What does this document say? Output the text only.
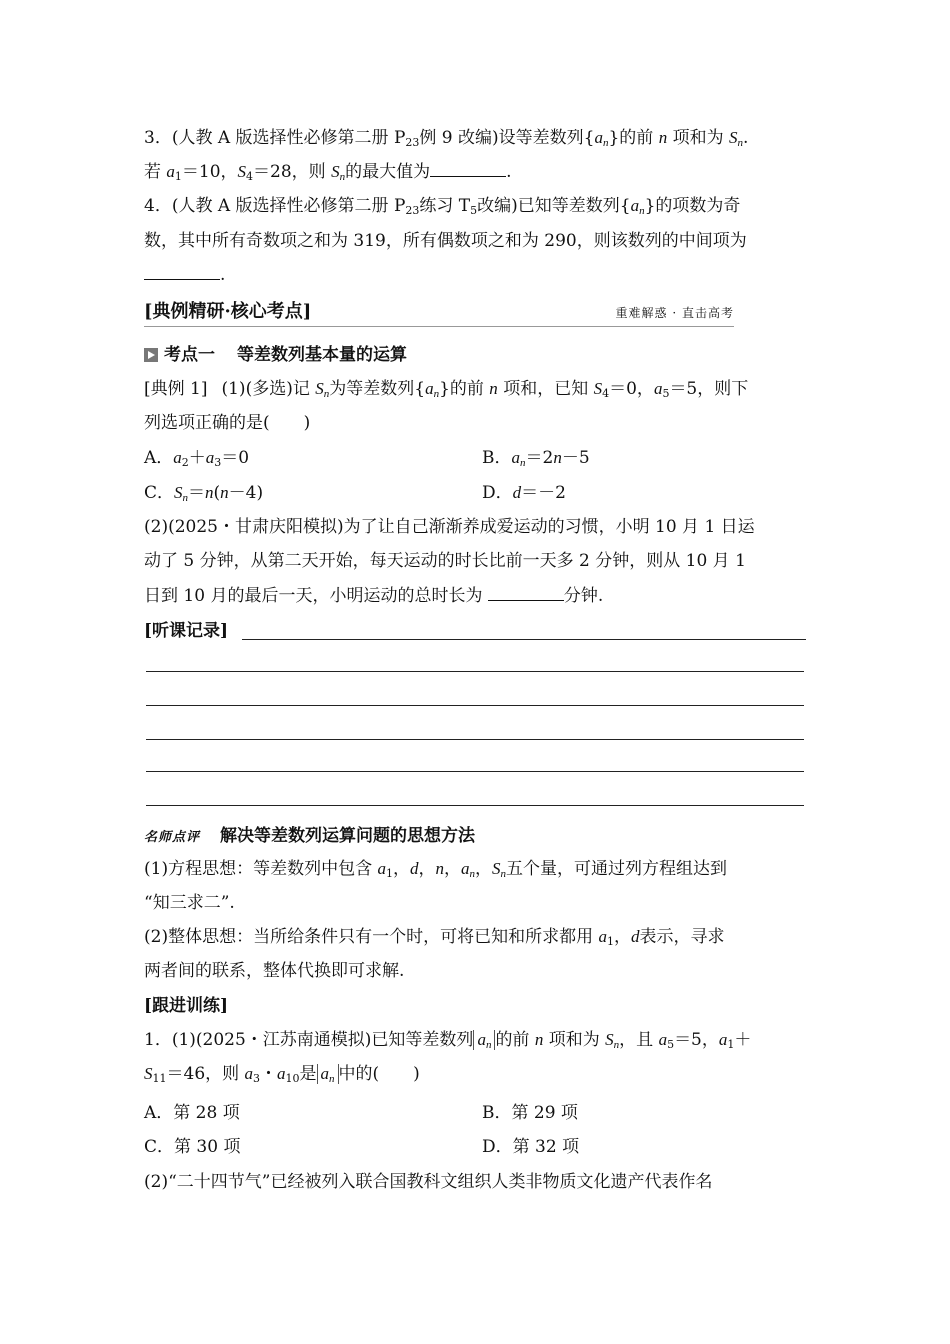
3．(人教 A 版选择性必修第二册 $P_{23}$例 9 改编)设等差数列$\{a_n\}$的前 n 项和为 $S_n$.
若 $a_1=10$，$S_4=28$，则 $S_n$的最大值为	.
4．(人教 A 版选择性必修第二册 $P_{23}$练习 $T_5$改编)已知等差数列$\{a_n\}$的项数为奇
数，其中所有奇数项之和为 319，所有偶数项之和为 290，则该数列的中间项为
.
[典例精研·核心考点]	重难解惑 · 直击高考
考点一 等差数列基本量的运算
[典例 1] (1)(多选)记 $S_n$为等差数列$\{a_n\}$的前 n 项和，已知 $S_4=0$，$a_5=5$，则下
列选项正确的是(　　)
A．$a_2+a_3=0$	B．$a_n=2n-5$
C．$S_n=n(n-4)$	D．d＝－2
(2)(2025・甘肃庆阳模拟)为了让自己渐渐养成爱运动的习惯，小明 10 月 1 日运
动了 5 分钟，从第二天开始，每天运动的时长比前一天多 2 分钟，则从 10 月 1
日到 10 月的最后一天，小明运动的总时长为	分钟.
[听课记录]
名师点评 解决等差数列运算问题的思想方法
(1)方程思想：等差数列中包含 $a_1$，d，n，$a_n$，$S_n$五个量，可通过列方程组达到
“知三求二”.
(2)整体思想：当所给条件只有一个时，可将已知和所求都用 $a_1$，d表示，寻求
两者间的联系，整体代换即可求解.
[跟进训练]
1．(1)(2025・江苏南通模拟)已知等差数列 $a_n$ 的前 n 项和为 $S_n$，且 $a_5=5$，$a_1+$
$S_{11}=46$，则 $a_3$・$a_{10}$是 $a_n$ 中的(　　)
A．第 28 项	B．第 29 项
C．第 30 项	D．第 32 项
(2)“二十四节气”已经被列入联合国教科文组织人类非物质文化遗产代表作名
